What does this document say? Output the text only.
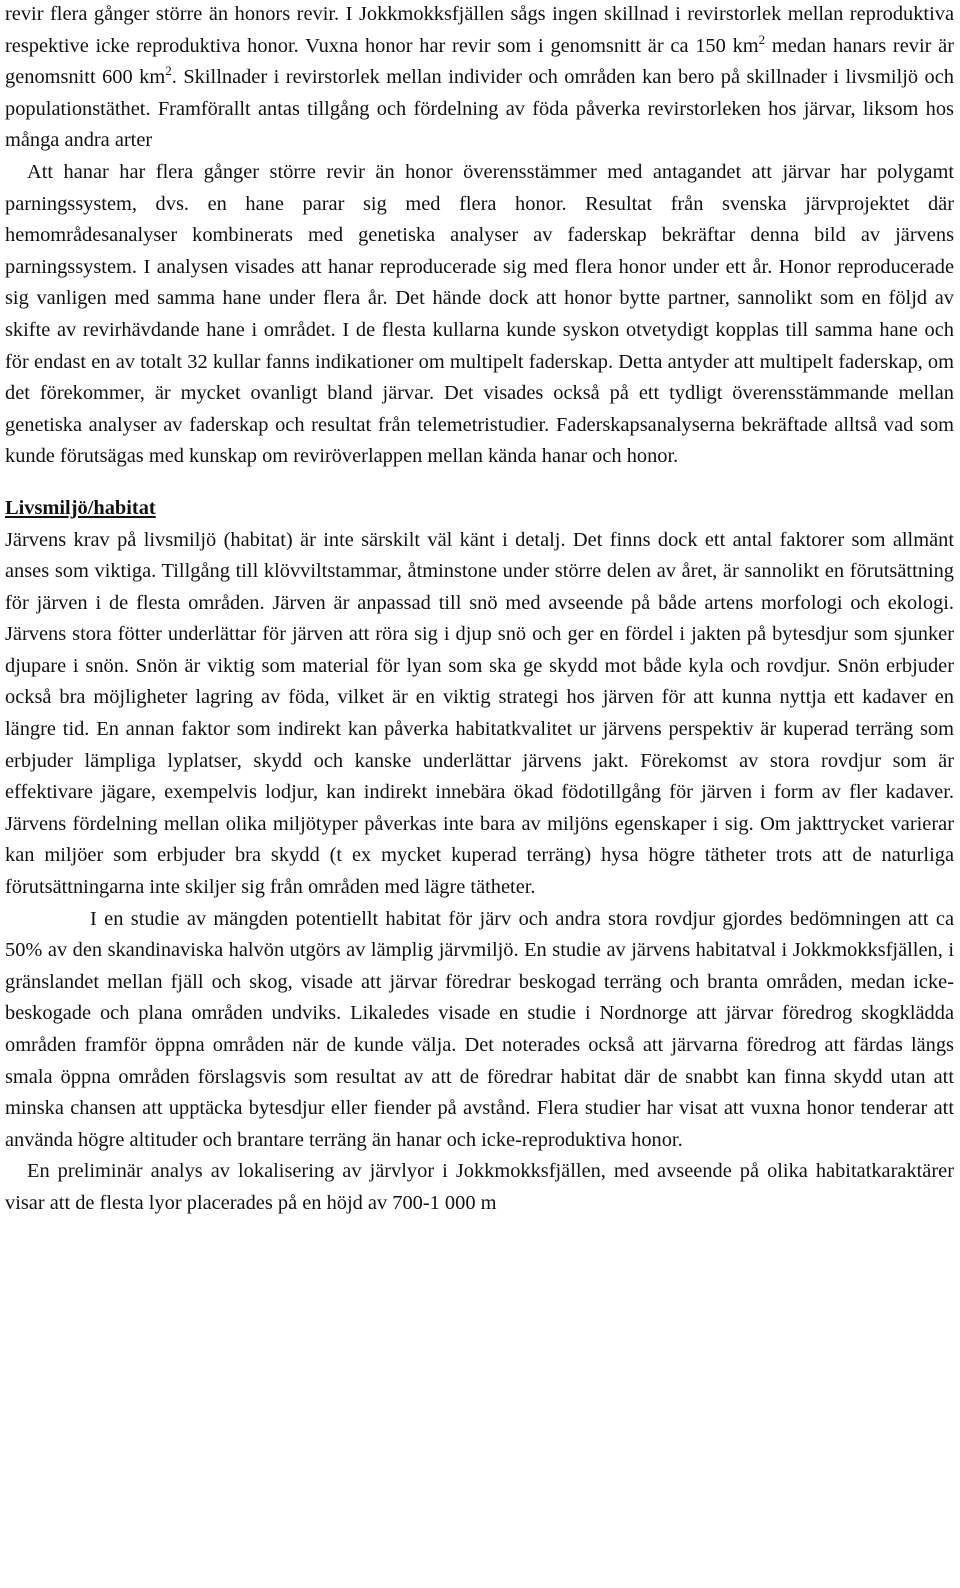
revir flera gånger större än honors revir. I Jokkmokksfjällen sågs ingen skillnad i revirstorlek mellan reproduktiva respektive icke reproduktiva honor. Vuxna honor har revir som i genomsnitt är ca 150 $km^2$ medan hanars revir är genomsnitt 600 $km^2$. Skillnader i revirstorlek mellan individer och områden kan bero på skillnader i livsmiljö och populationstäthet. Framförallt antas tillgång och fördelning av föda påverka revirstorleken hos järvar, liksom hos många andra arter

Att hanar har flera gånger större revir än honor överensstämmer med antagandet att järvar har polygamt parningssystem, dvs. en hane parar sig med flera honor. Resultat från svenska järvprojektet där hemområdesanalyser kombinerats med genetiska analyser av faderskap bekräftar denna bild av järvens parningssystem. I analysen visades att hanar reproducerade sig med flera honor under ett år. Honor reproducerade sig vanligen med samma hane under flera år. Det hände dock att honor bytte partner, sannolikt som en följd av skifte av revirhävdande hane i området. I de flesta kullarna kunde syskon otvetydigt kopplas till samma hane och för endast en av totalt 32 kullar fanns indikationer om multipelt faderskap. Detta antyder att multipelt faderskap, om det förekommer, är mycket ovanligt bland järvar. Det visades också på ett tydligt överensstämmande mellan genetiska analyser av faderskap och resultat från telemetristudier. Faderskapsanalyserna bekräftade alltså vad som kunde förutsägas med kunskap om reviröverlappen mellan kända hanar och honor.

Livsmiljö/habitat

Järvens krav på livsmiljö (habitat) är inte särskilt väl känt i detalj. Det finns dock ett antal faktorer som allmänt anses som viktiga. Tillgång till klövviltstammar, åtminstone under större delen av året, är sannolikt en förutsättning för järven i de flesta områden. Järven är anpassad till snö med avseende på både artens morfologi och ekologi. Järvens stora fötter underlättar för järven att röra sig i djup snö och ger en fördel i jakten på bytesdjur som sjunker djupare i snön. Snön är viktig som material för lyan som ska ge skydd mot både kyla och rovdjur. Snön erbjuder också bra möjligheter lagring av föda, vilket är en viktig strategi hos järven för att kunna nyttja ett kadaver en längre tid. En annan faktor som indirekt kan påverka habitatkvalitet ur järvens perspektiv är kuperad terräng som erbjuder lämpliga lyplatser, skydd och kanske underlättar järvens jakt. Förekomst av stora rovdjur som är effektivare jägare, exempelvis lodjur, kan indirekt innebära ökad födotillgång för järven i form av fler kadaver. Järvens fördelning mellan olika miljötyper påverkas inte bara av miljöns egenskaper i sig. Om jakttrycket varierar kan miljöer som erbjuder bra skydd (t ex mycket kuperad terräng) hysa högre tätheter trots att de naturliga förutsättningarna inte skiljer sig från områden med lägre tätheter.

I en studie av mängden potentiellt habitat för järv och andra stora rovdjur gjordes bedömningen att ca 50% av den skandinaviska halvön utgörs av lämplig järvmiljö. En studie av järvens habitatval i Jokkmokksfjällen, i gränslandet mellan fjäll och skog, visade att järvar föredrar beskogad terräng och branta områden, medan icke-beskogade och plana områden undviks. Likaledes visade en studie i Nordnorge att järvar föredrog skogklädda områden framför öppna områden när de kunde välja. Det noterades också att järvarna föredrog att färdas längs smala öppna områden förslagsvis som resultat av att de föredrar habitat där de snabbt kan finna skydd utan att minska chansen att upptäcka bytesdjur eller fiender på avstånd. Flera studier har visat att vuxna honor tenderar att använda högre altituder och brantare terräng än hanar och icke-reproduktiva honor.

En preliminär analys av lokalisering av järvlyor i Jokkmokksfjällen, med avseende på olika habitatkaraktärer visar att de flesta lyor placerades på en höjd av 700-1 000 m
